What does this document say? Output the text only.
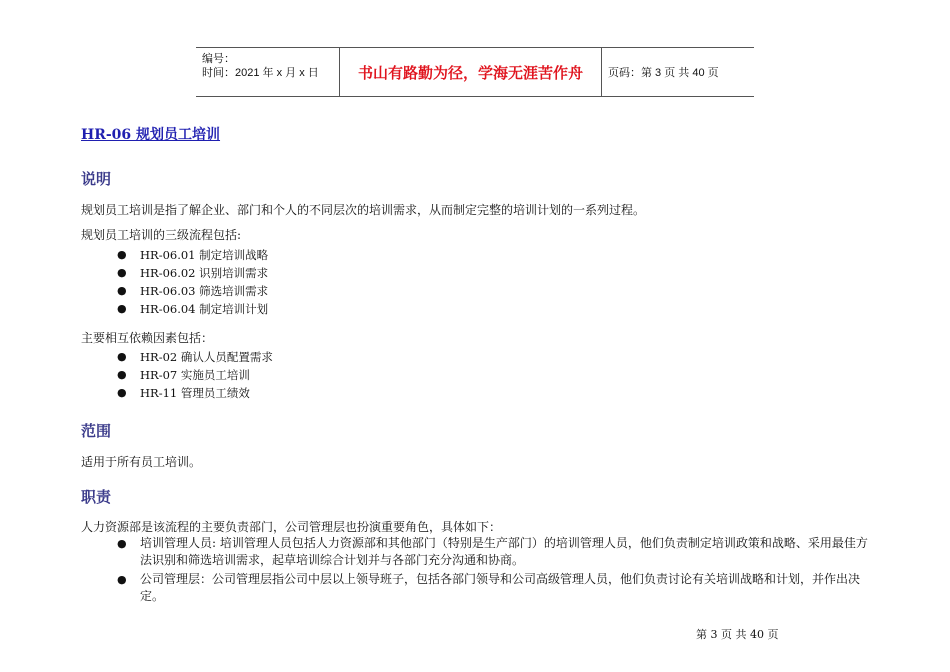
编号：
时间：2021 年 x 月 x 日	书山有路勤为径，学海无涯苦作舟	页码：第 3 页 共 40 页
HR-06 规划员工培训
说明
规划员工培训是指了解企业、部门和个人的不同层次的培训需求，从而制定完整的培训计划的一系列过程。
规划员工培训的三级流程包括:
● HR-06.01 制定培训战略
● HR-06.02 识别培训需求
● HR-06.03 筛选培训需求
● HR-06.04 制定培训计划
主要相互依赖因素包括：
● HR-02 确认人员配置需求
● HR-07 实施员工培训
● HR-11 管理员工绩效
范围
适用于所有员工培训。
职责
人力资源部是该流程的主要负责部门，公司管理层也扮演重要角色，具体如下：
● 培训管理人员: 培训管理人员包括人力资源部和其他部门（特别是生产部门）的培训管理人员，他们负责制定培训政策和战略、采用最佳方法识别和筛选培训需求，起草培训综合计划并与各部门充分沟通和协商。
● 公司管理层：公司管理层指公司中层以上领导班子，包括各部门领导和公司高级管理人员，他们负责讨论有关培训战略和计划，并作出决定。
第 3 页 共 40 页
